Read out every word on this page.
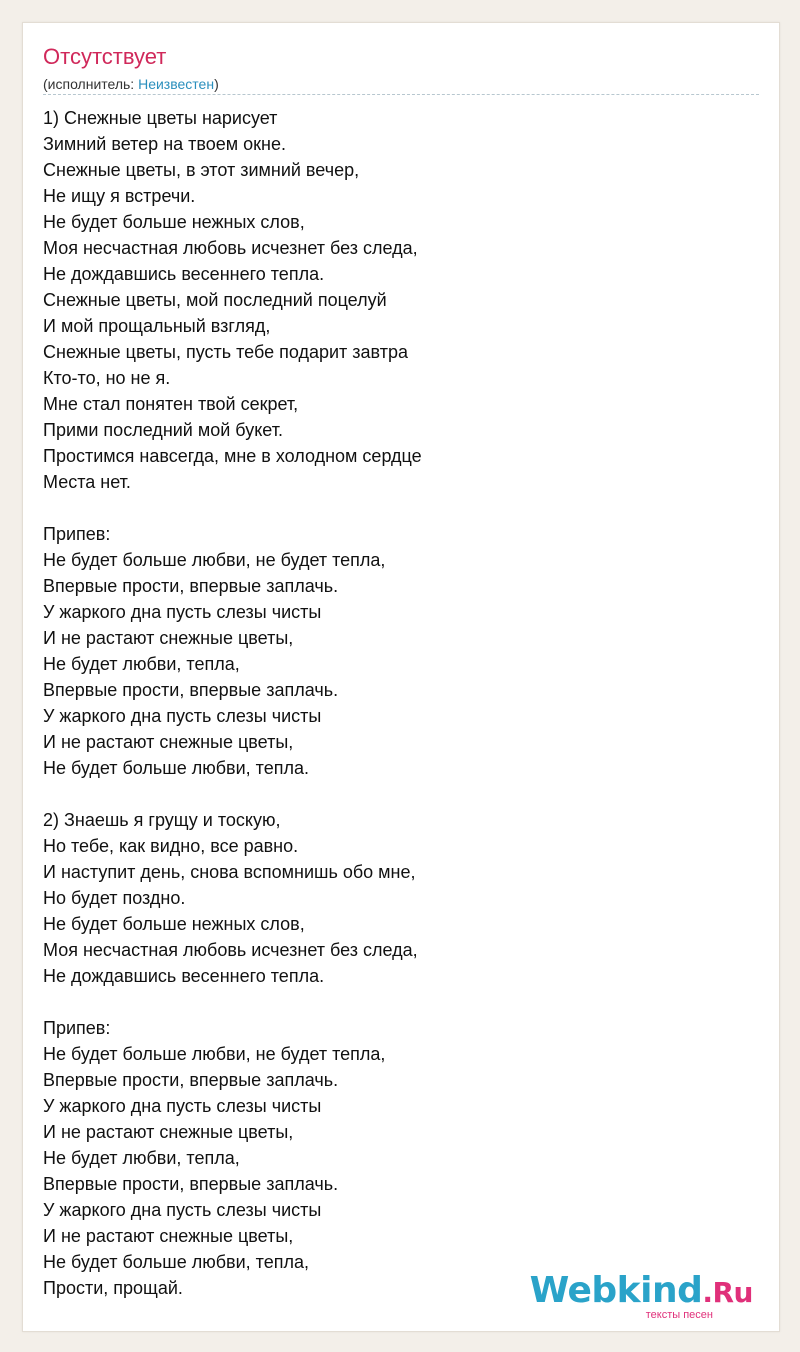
Отсутствует
(исполнитель: Неизвестен)
1) Снежные цветы нарисует
Зимний ветер на твоем окне.
Снежные цветы, в этот зимний вечер,
Не ищу я встречи.
Не будет больше нежных слов,
Моя несчастная любовь исчезнет без следа,
Не дождавшись весеннего тепла.
Снежные цветы, мой последний поцелуй
И мой прощальный взгляд,
Снежные цветы, пусть тебе подарит завтра
Кто-то, но не я.
Мне стал понятен твой секрет,
Прими последний мой букет.
Простимся навсегда, мне в холодном сердце
Места нет.
Припев:
Не будет больше любви, не будет тепла,
Впервые прости, впервые заплачь.
У жаркого дна пусть слезы чисты
И не растают снежные цветы,
Не будет любви, тепла,
Впервые прости, впервые заплачь.
У жаркого дна пусть слезы чисты
И не растают снежные цветы,
Не будет больше любви, тепла.
2) Знаешь я грущу и тоскую,
Но тебе, как видно, все равно.
И наступит день, снова вспомнишь обо мне,
Но будет поздно.
Не будет больше нежных слов,
Моя несчастная любовь исчезнет без следа,
Не дождавшись весеннего тепла.
Припев:
Не будет больше любви, не будет тепла,
Впервые прости, впервые заплачь.
У жаркого дна пусть слезы чисты
И не растают снежные цветы,
Не будет любви, тепла,
Впервые прости, впервые заплачь.
У жаркого дна пусть слезы чисты
И не растают снежные цветы,
Не будет больше любви, тепла,
Прости, прощай.	Webkind.Ru
тексты песен
